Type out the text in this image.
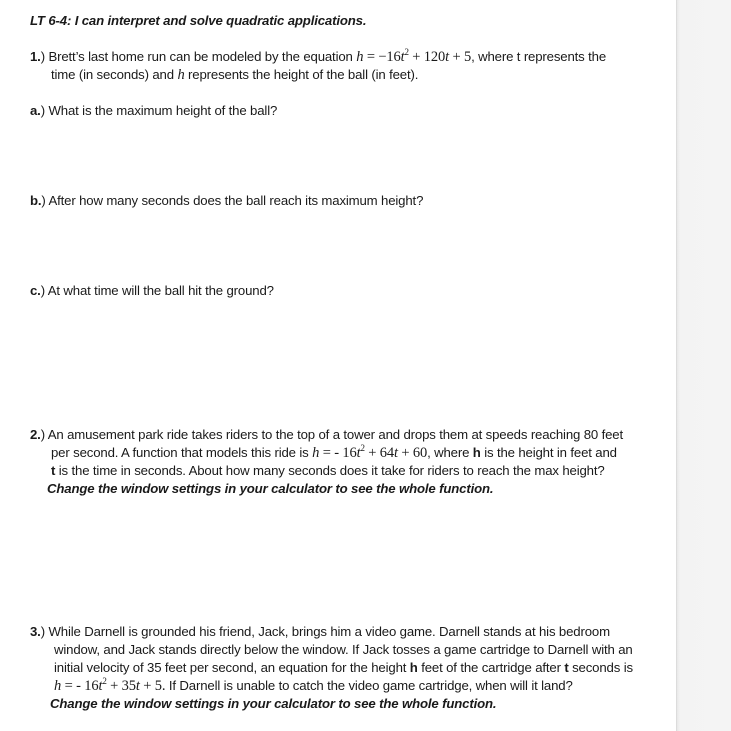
LT 6-4: I can interpret and solve quadratic applications.
1.) Brett’s last home run can be modeled by the equation $h = -16t^2 + 120t + 5$, where t represents the
time (in seconds) and h represents the height of the ball (in feet).
a.) What is the maximum height of the ball?
b.) After how many seconds does the ball reach its maximum height?
c.) At what time will the ball hit the ground?
2.) An amusement park ride takes riders to the top of a tower and drops them at speeds reaching 80 feet
per second. A function that models this ride is h = - $16t^2 + 64t + 60$, where h is the height in feet and
t is the time in seconds. About how many seconds does it take for riders to reach the max height?
Change the window settings in your calculator to see the whole function.
3.) While Darnell is grounded his friend, Jack, brings him a video game. Darnell stands at his bedroom
window, and Jack stands directly below the window. If Jack tosses a game cartridge to Darnell with an
initial velocity of 35 feet per second, an equation for the height h feet of the cartridge after t seconds is
h = - $16t^2 + 35t + 5$. If Darnell is unable to catch the video game cartridge, when will it land?
Change the window settings in your calculator to see the whole function.
